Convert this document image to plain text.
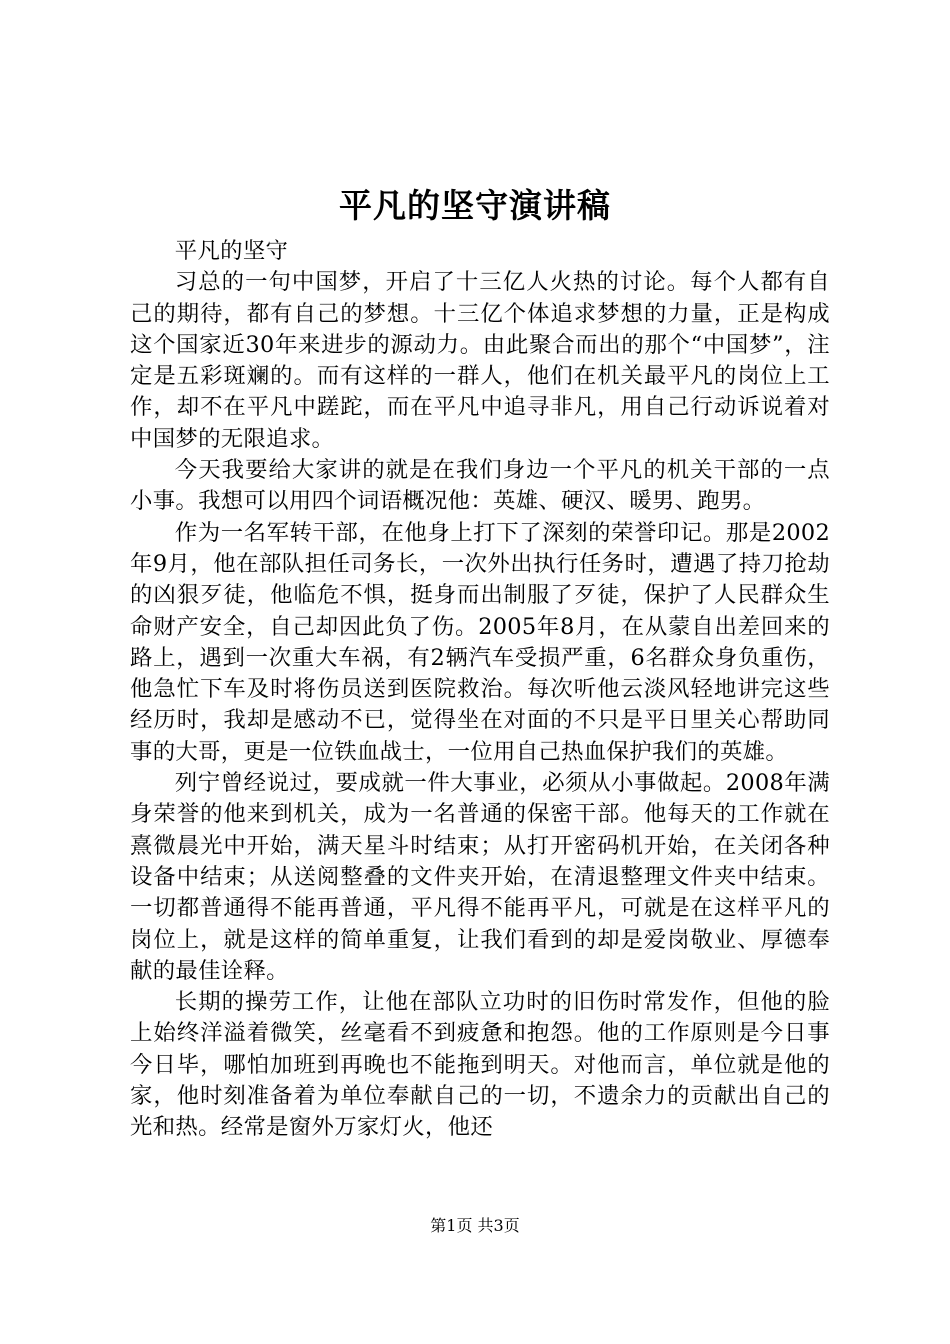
平凡的坚守演讲稿

平凡的坚守

习总的一句中国梦，开启了十三亿人火热的讨论。每个人都有自己的期待，都有自己的梦想。十三亿个体追求梦想的力量，正是构成这个国家近30年来进步的源动力。由此聚合而出的那个“中国梦”，注定是五彩斑斓的。而有这样的一群人，他们在机关最平凡的岗位上工作，却不在平凡中蹉跎，而在平凡中追寻非凡，用自己行动诉说着对中国梦的无限追求。

今天我要给大家讲的就是在我们身边一个平凡的机关干部的一点小事。我想可以用四个词语概况他：英雄、硬汉、暖男、跑男。

作为一名军转干部，在他身上打下了深刻的荣誉印记。那是2002年9月，他在部队担任司务长，一次外出执行任务时，遭遇了持刀抢劫的凶狠歹徒，他临危不惧，挺身而出制服了歹徒，保护了人民群众生命财产安全，自己却因此负了伤。2005年8月，在从蒙自出差回来的路上，遇到一次重大车祸，有2辆汽车受损严重，6名群众身负重伤，他急忙下车及时将伤员送到医院救治。每次听他云淡风轻地讲完这些经历时，我却是感动不已，觉得坐在对面的不只是平日里关心帮助同事的大哥，更是一位铁血战士，一位用自己热血保护我们的英雄。

列宁曾经说过，要成就一件大事业，必须从小事做起。2008年满身荣誉的他来到机关，成为一名普通的保密干部。他每天的工作就在熹微晨光中开始，满天星斗时结束；从打开密码机开始，在关闭各种设备中结束；从送阅整叠的文件夹开始，在清退整理文件夹中结束。一切都普通得不能再普通，平凡得不能再平凡，可就是在这样平凡的岗位上，就是这样的简单重复，让我们看到的却是爱岗敬业、厚德奉献的最佳诠释。

长期的操劳工作，让他在部队立功时的旧伤时常发作，但他的脸上始终洋溢着微笑，丝毫看不到疲惫和抱怨。他的工作原则是今日事今日毕，哪怕加班到再晚也不能拖到明天。对他而言，单位就是他的家，他时刻准备着为单位奉献自己的一切，不遗余力的贡献出自己的光和热。经常是窗外万家灯火，他还

第1页 共3页
